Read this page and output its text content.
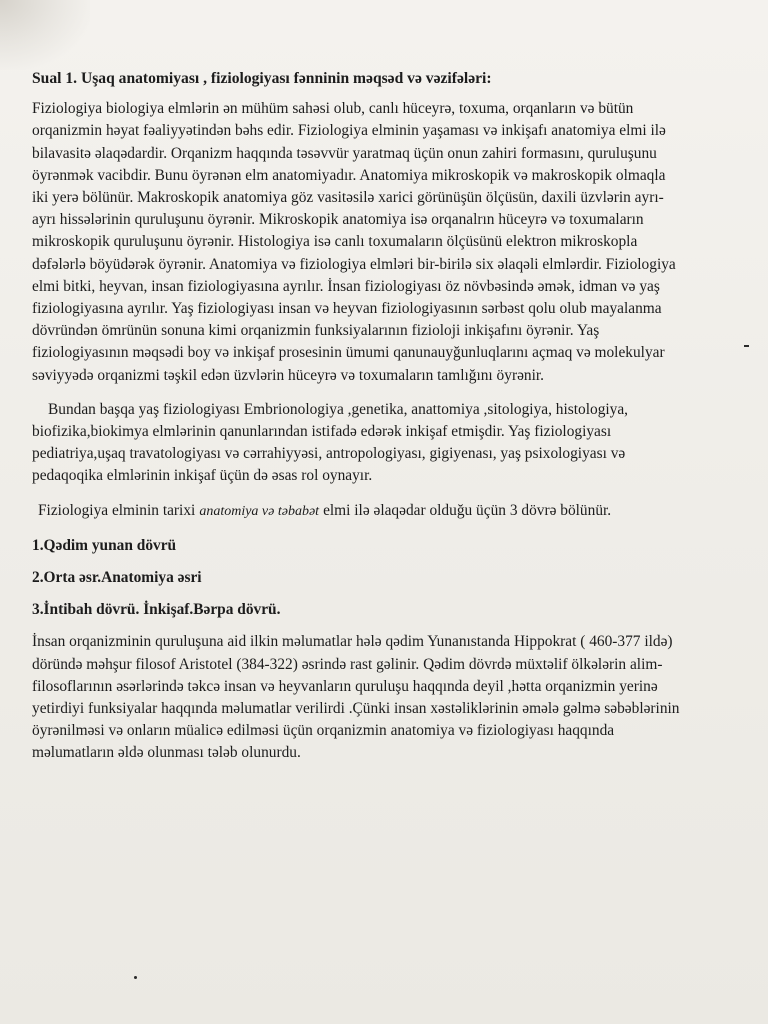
Sual 1. Uşaq anatomiyası , fiziologiyası fənninin məqsəd və vəzifələri:

Fiziologiya biologiya elmlərin ən mühüm sahəsi olub, canlı hüceyrə, toxuma, orqanların və bütün orqanizmin həyat fəaliyyətindən bəhs edir. Fiziologiya elminin yaşaması və inkişafı anatomiya elmi ilə bilavasitə əlaqədardir. Orqanizm haqqında təsəvvür yaratmaq üçün onun zahiri formasını, quruluşunu öyrənmək vacibdir. Bunu öyrənən elm anatomiyadır. Anatomiya mikroskopik və makroskopik olmaqla iki yerə bölünür. Makroskopik anatomiya göz vasitəsilə xarici görünüşün ölçüsün, daxili üzvlərin ayrı- ayrı hissələrinin quruluşunu öyrənir. Mikroskopik anatomiya isə orqanalrın hüceyrə və toxumaların mikroskopik quruluşunu öyrənir. Histologiya isə canlı toxumaların ölçüsünü elektron mikroskopla dəfələrlə böyüdərək öyrənir. Anatomiya və fiziologiya elmləri bir-birilə six əlaqəli elmlərdir. Fiziologiya elmi bitki, heyvan, insan fiziologiyasına ayrılır. İnsan fiziologiyası öz növbəsində əmək, idman və yaş fiziologiyasına ayrılır. Yaş fiziologiyası insan və heyvan fiziologiyasının sərbəst qolu olub mayalanma dövründən ömrünün sonuna kimi orqanizmin funksiyalarının fizioloji inkişafını öyrənir. Yaş fiziologiyasının məqsədi boy və inkişaf prosesinin ümumi qanunauyğunluqlarını açmaq və molekulyar səviyyədə orqanizmi təşkil edən üzvlərin hüceyrə və toxumaların tamlığını öyrənir.

Bundan başqa yaş fiziologiyası Embrionologiya ,genetika, anattomiya ,sitologiya, histologiya, biofizika,biokimya elmlərinin qanunlarından istifadə edərək inkişaf etmişdir. Yaş fiziologiyası pediatriya,uşaq travatologiyası və cərrahiyyəsi, antropologiyası, gigiyenası, yaş psixologiyası və pedaqoqika elmlərinin inkişaf üçün də əsas rol oynayır.

Fiziologiya elminin tarixi anatomiya və təbabət elmi ilə əlaqədar olduğu üçün 3 dövrə bölünür.

1.Qədim yunan dövrü
2.Orta əsr.Anatomiya əsri
3.İntibah dövrü. İnkişaf.Bərpa dövrü.

İnsan orqanizminin quruluşuna aid ilkin məlumatlar hələ qədim Yunanıstanda Hippokrat ( 460-377 ildə) döründə məhşur filosof Aristotel (384-322) əsrində rast gəlinir. Qədim dövrdə müxtəlif ölkələrin alim- filosoflarının əsərlərində təkcə insan və heyvanların quruluşu haqqında deyil ,hətta orqanizmin yerinə yetirdiyi funksiyalar haqqında məlumatlar verilirdi .Çünki insan xəstəliklərinin əmələ gəlmə səbəblərinin öyrənilməsi və onların müalicə edilməsi üçün orqanizmin anatomiya və fiziologiyası haqqında məlumatların əldə olunması tələb olunurdu.
